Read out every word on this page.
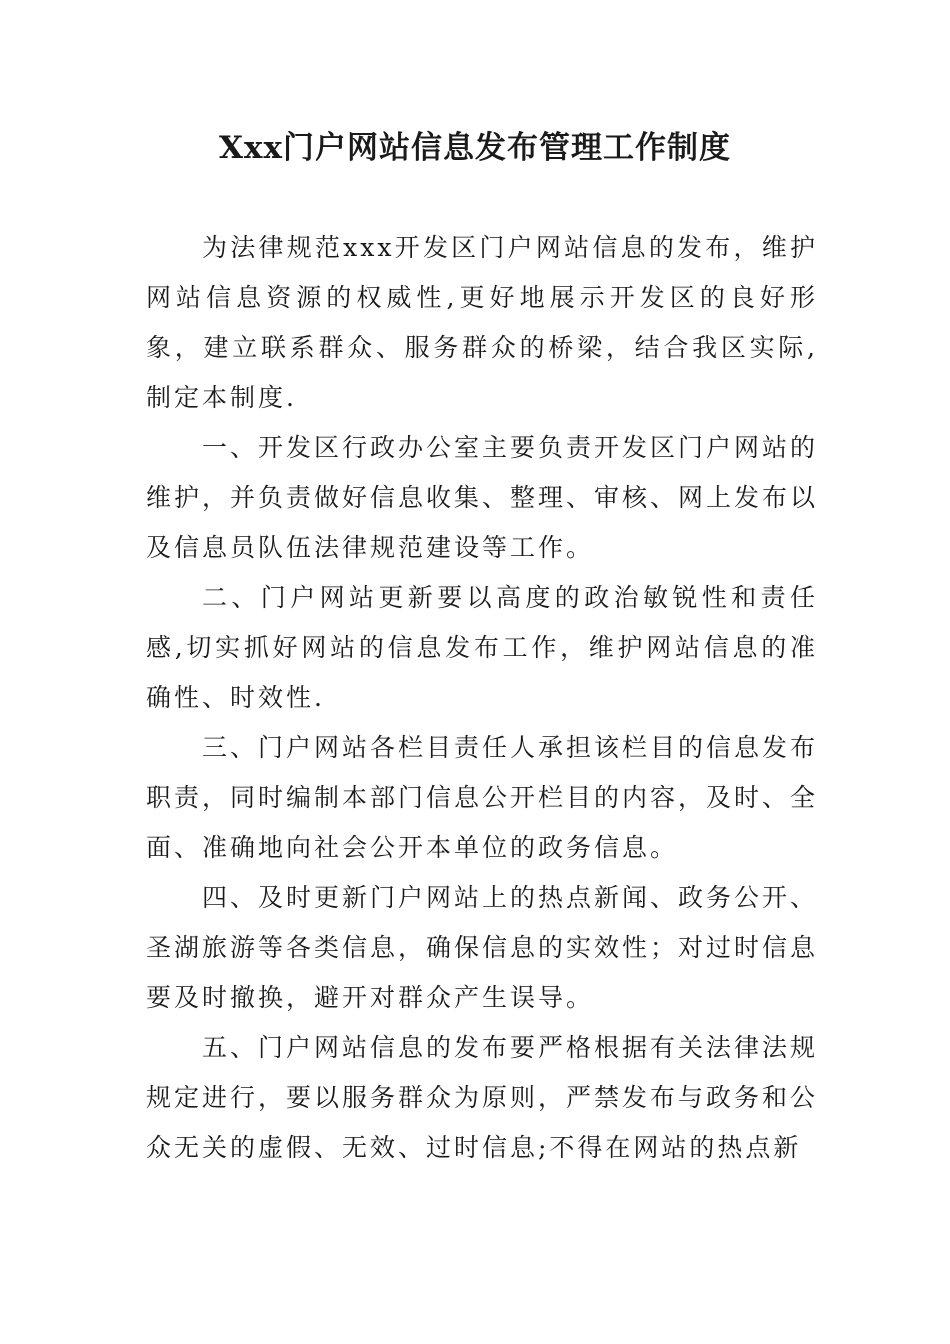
Xxx门户网站信息发布管理工作制度

为法律规范xxx开发区门户网站信息的发布，维护网站信息资源的权威性,更好地展示开发区的良好形象，建立联系群众、服务群众的桥梁，结合我区实际,制定本制度.

一、开发区行政办公室主要负责开发区门户网站的维护，并负责做好信息收集、整理、审核、网上发布以及信息员队伍法律规范建设等工作。

二、门户网站更新要以高度的政治敏锐性和责任感,切实抓好网站的信息发布工作，维护网站信息的准确性、时效性.

三、门户网站各栏目责任人承担该栏目的信息发布职责，同时编制本部门信息公开栏目的内容，及时、全面、准确地向社会公开本单位的政务信息。

四、及时更新门户网站上的热点新闻、政务公开、圣湖旅游等各类信息，确保信息的实效性；对过时信息要及时撤换，避开对群众产生误导。

五、门户网站信息的发布要严格根据有关法律法规规定进行，要以服务群众为原则，严禁发布与政务和公众无关的虚假、无效、过时信息;不得在网站的热点新
